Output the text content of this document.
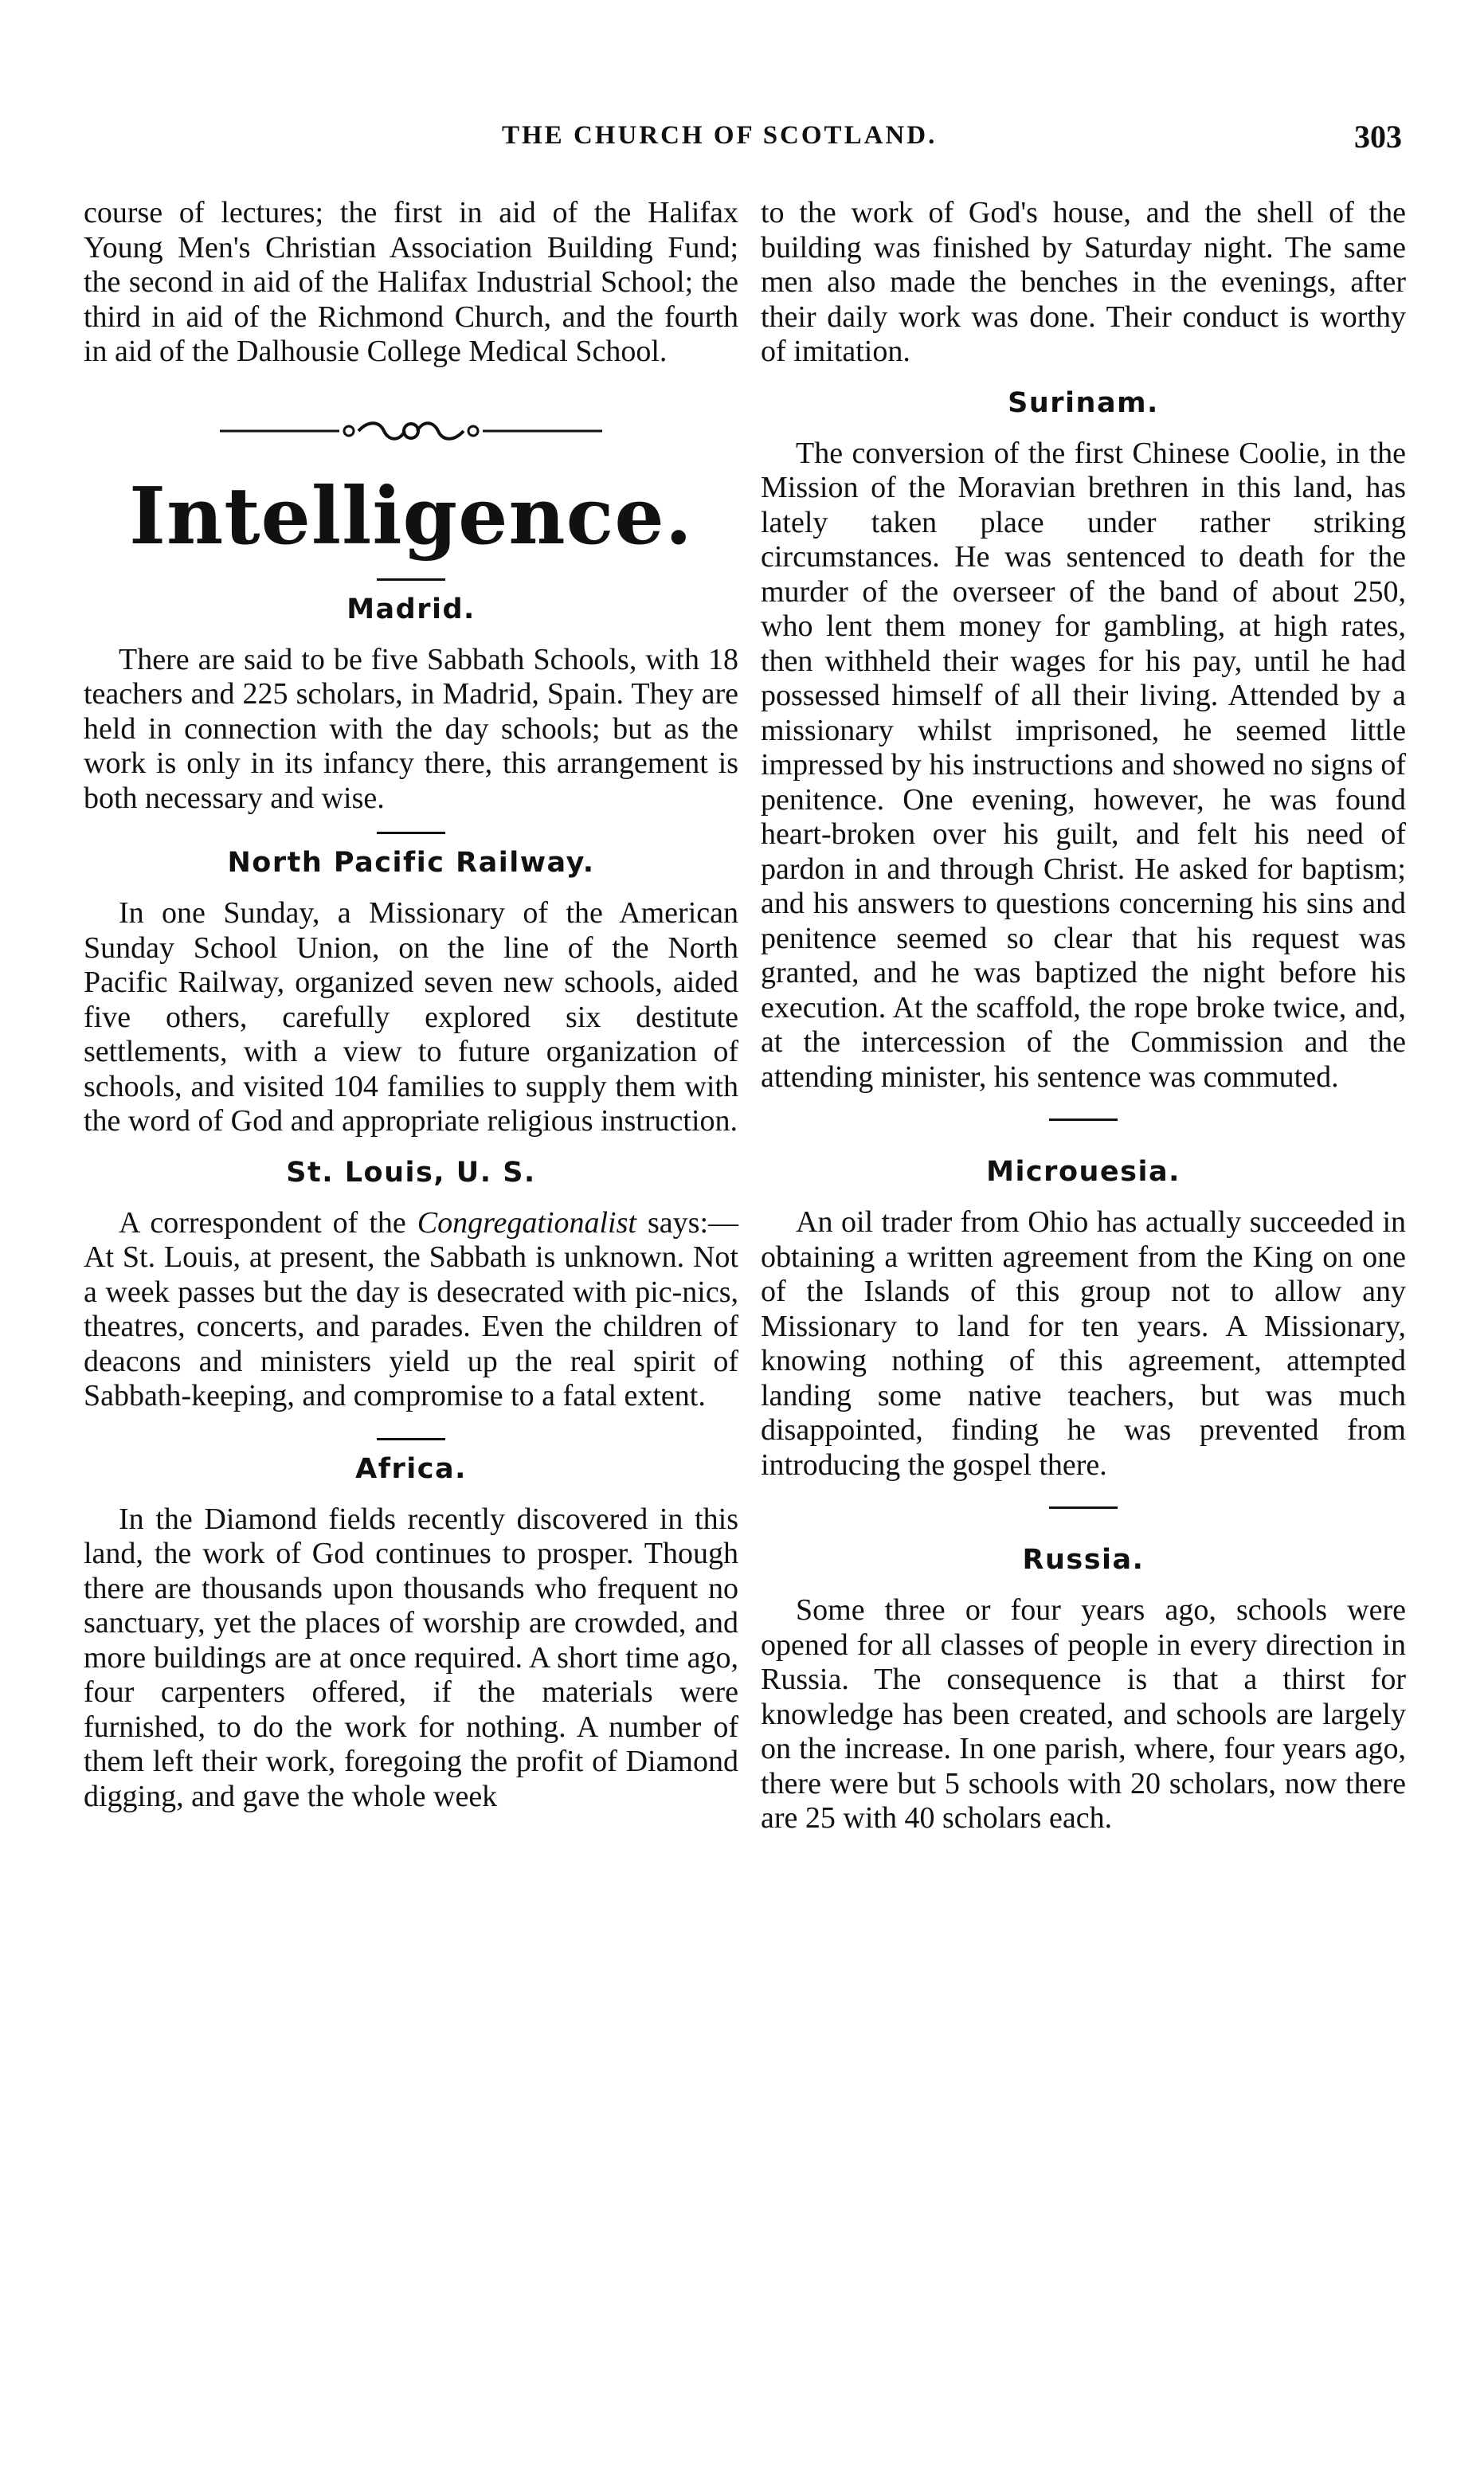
THE CHURCH OF SCOTLAND.	303

course of lectures; the first in aid of the Halifax Young Men's Christian Association Building Fund; the second in aid of the Halifax Industrial School; the third in aid of the Richmond Church, and the fourth in aid of the Dalhousie College Medical School.

Intelligence.
Madrid.

There are said to be five Sabbath Schools, with 18 teachers and 225 scholars, in Madrid, Spain. They are held in connection with the day schools; but as the work is only in its infancy there, this arrangement is both necessary and wise.

North Pacific Railway.

In one Sunday, a Missionary of the American Sunday School Union, on the line of the North Pacific Railway, organized seven new schools, aided five others, carefully explored six destitute settlements, with a view to future organization of schools, and visited 104 families to supply them with the word of God and appropriate religious instruction.

St. Louis, U. S.

A correspondent of the Congregationalist says:—At St. Louis, at present, the Sabbath is unknown. Not a week passes but the day is desecrated with pic-nics, theatres, concerts, and parades. Even the children of deacons and ministers yield up the real spirit of Sabbath-keeping, and compromise to a fatal extent.

Africa.

In the Diamond fields recently discovered in this land, the work of God continues to prosper. Though there are thousands upon thousands who frequent no sanctuary, yet the places of worship are crowded, and more buildings are at once required. A short time ago, four carpenters offered, if the materials were furnished, to do the work for nothing. A number of them left their work, foregoing the profit of Diamond digging, and gave the whole week

to the work of God's house, and the shell of the building was finished by Saturday night. The same men also made the benches in the evenings, after their daily work was done. Their conduct is worthy of imitation.

Surinam.

The conversion of the first Chinese Coolie, in the Mission of the Moravian brethren in this land, has lately taken place under rather striking circumstances. He was sentenced to death for the murder of the overseer of the band of about 250, who lent them money for gambling, at high rates, then withheld their wages for his pay, until he had possessed himself of all their living. Attended by a missionary whilst imprisoned, he seemed little impressed by his instructions and showed no signs of penitence. One evening, however, he was found heart-broken over his guilt, and felt his need of pardon in and through Christ. He asked for baptism; and his answers to questions concerning his sins and penitence seemed so clear that his request was granted, and he was baptized the night before his execution. At the scaffold, the rope broke twice, and, at the intercession of the Commission and the attending minister, his sentence was commuted.

Microuesia.

An oil trader from Ohio has actually succeeded in obtaining a written agreement from the King on one of the Islands of this group not to allow any Missionary to land for ten years. A Missionary, knowing nothing of this agreement, attempted landing some native teachers, but was much disappointed, finding he was prevented from introducing the gospel there.

Russia.

Some three or four years ago, schools were opened for all classes of people in every direction in Russia. The consequence is that a thirst for knowledge has been created, and schools are largely on the increase. In one parish, where, four years ago, there were but 5 schools with 20 scholars, now there are 25 with 40 scholars each.
